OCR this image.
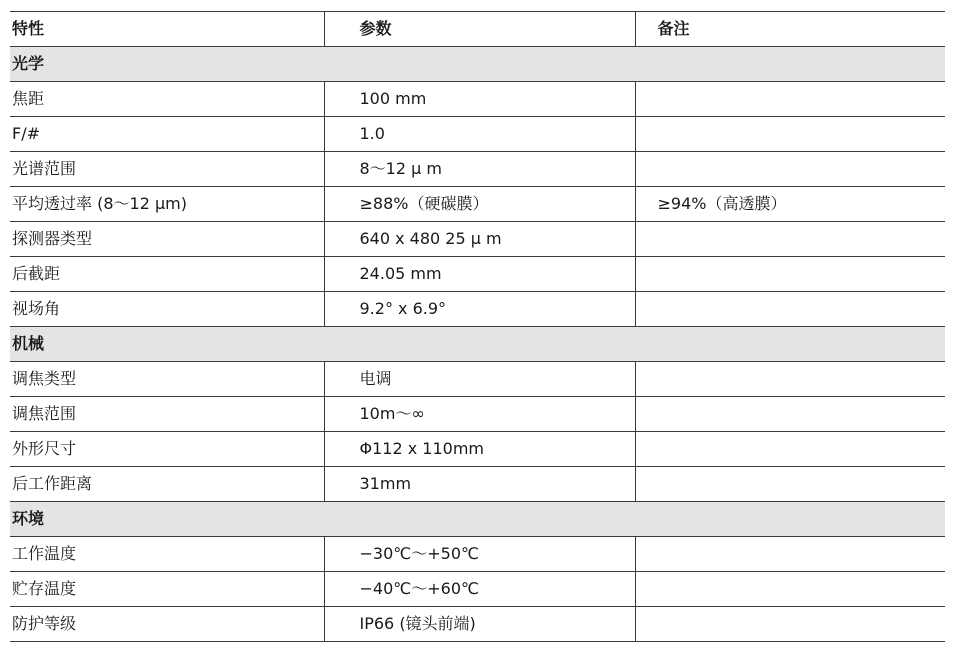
特性	参数	备注
光学		
焦距	100 mm	
F/#	1.0	
光谱范围	8～12 μ m	
平均透过率 (8～12 μm)	≥88%（硬碳膜）	≥94%（高透膜）
探测器类型	640 x 480 25 μ m	
后截距	24.05 mm	
视场角	9.2° x 6.9°	
机械		
调焦类型	电调	
调焦范围	10m～∞	
外形尺寸	Φ112 x 110mm	
后工作距离	31mm	
环境		
工作温度	−30℃～+50℃	
贮存温度	−40℃～+60℃	
防护等级	IP66 (镜头前端)	
